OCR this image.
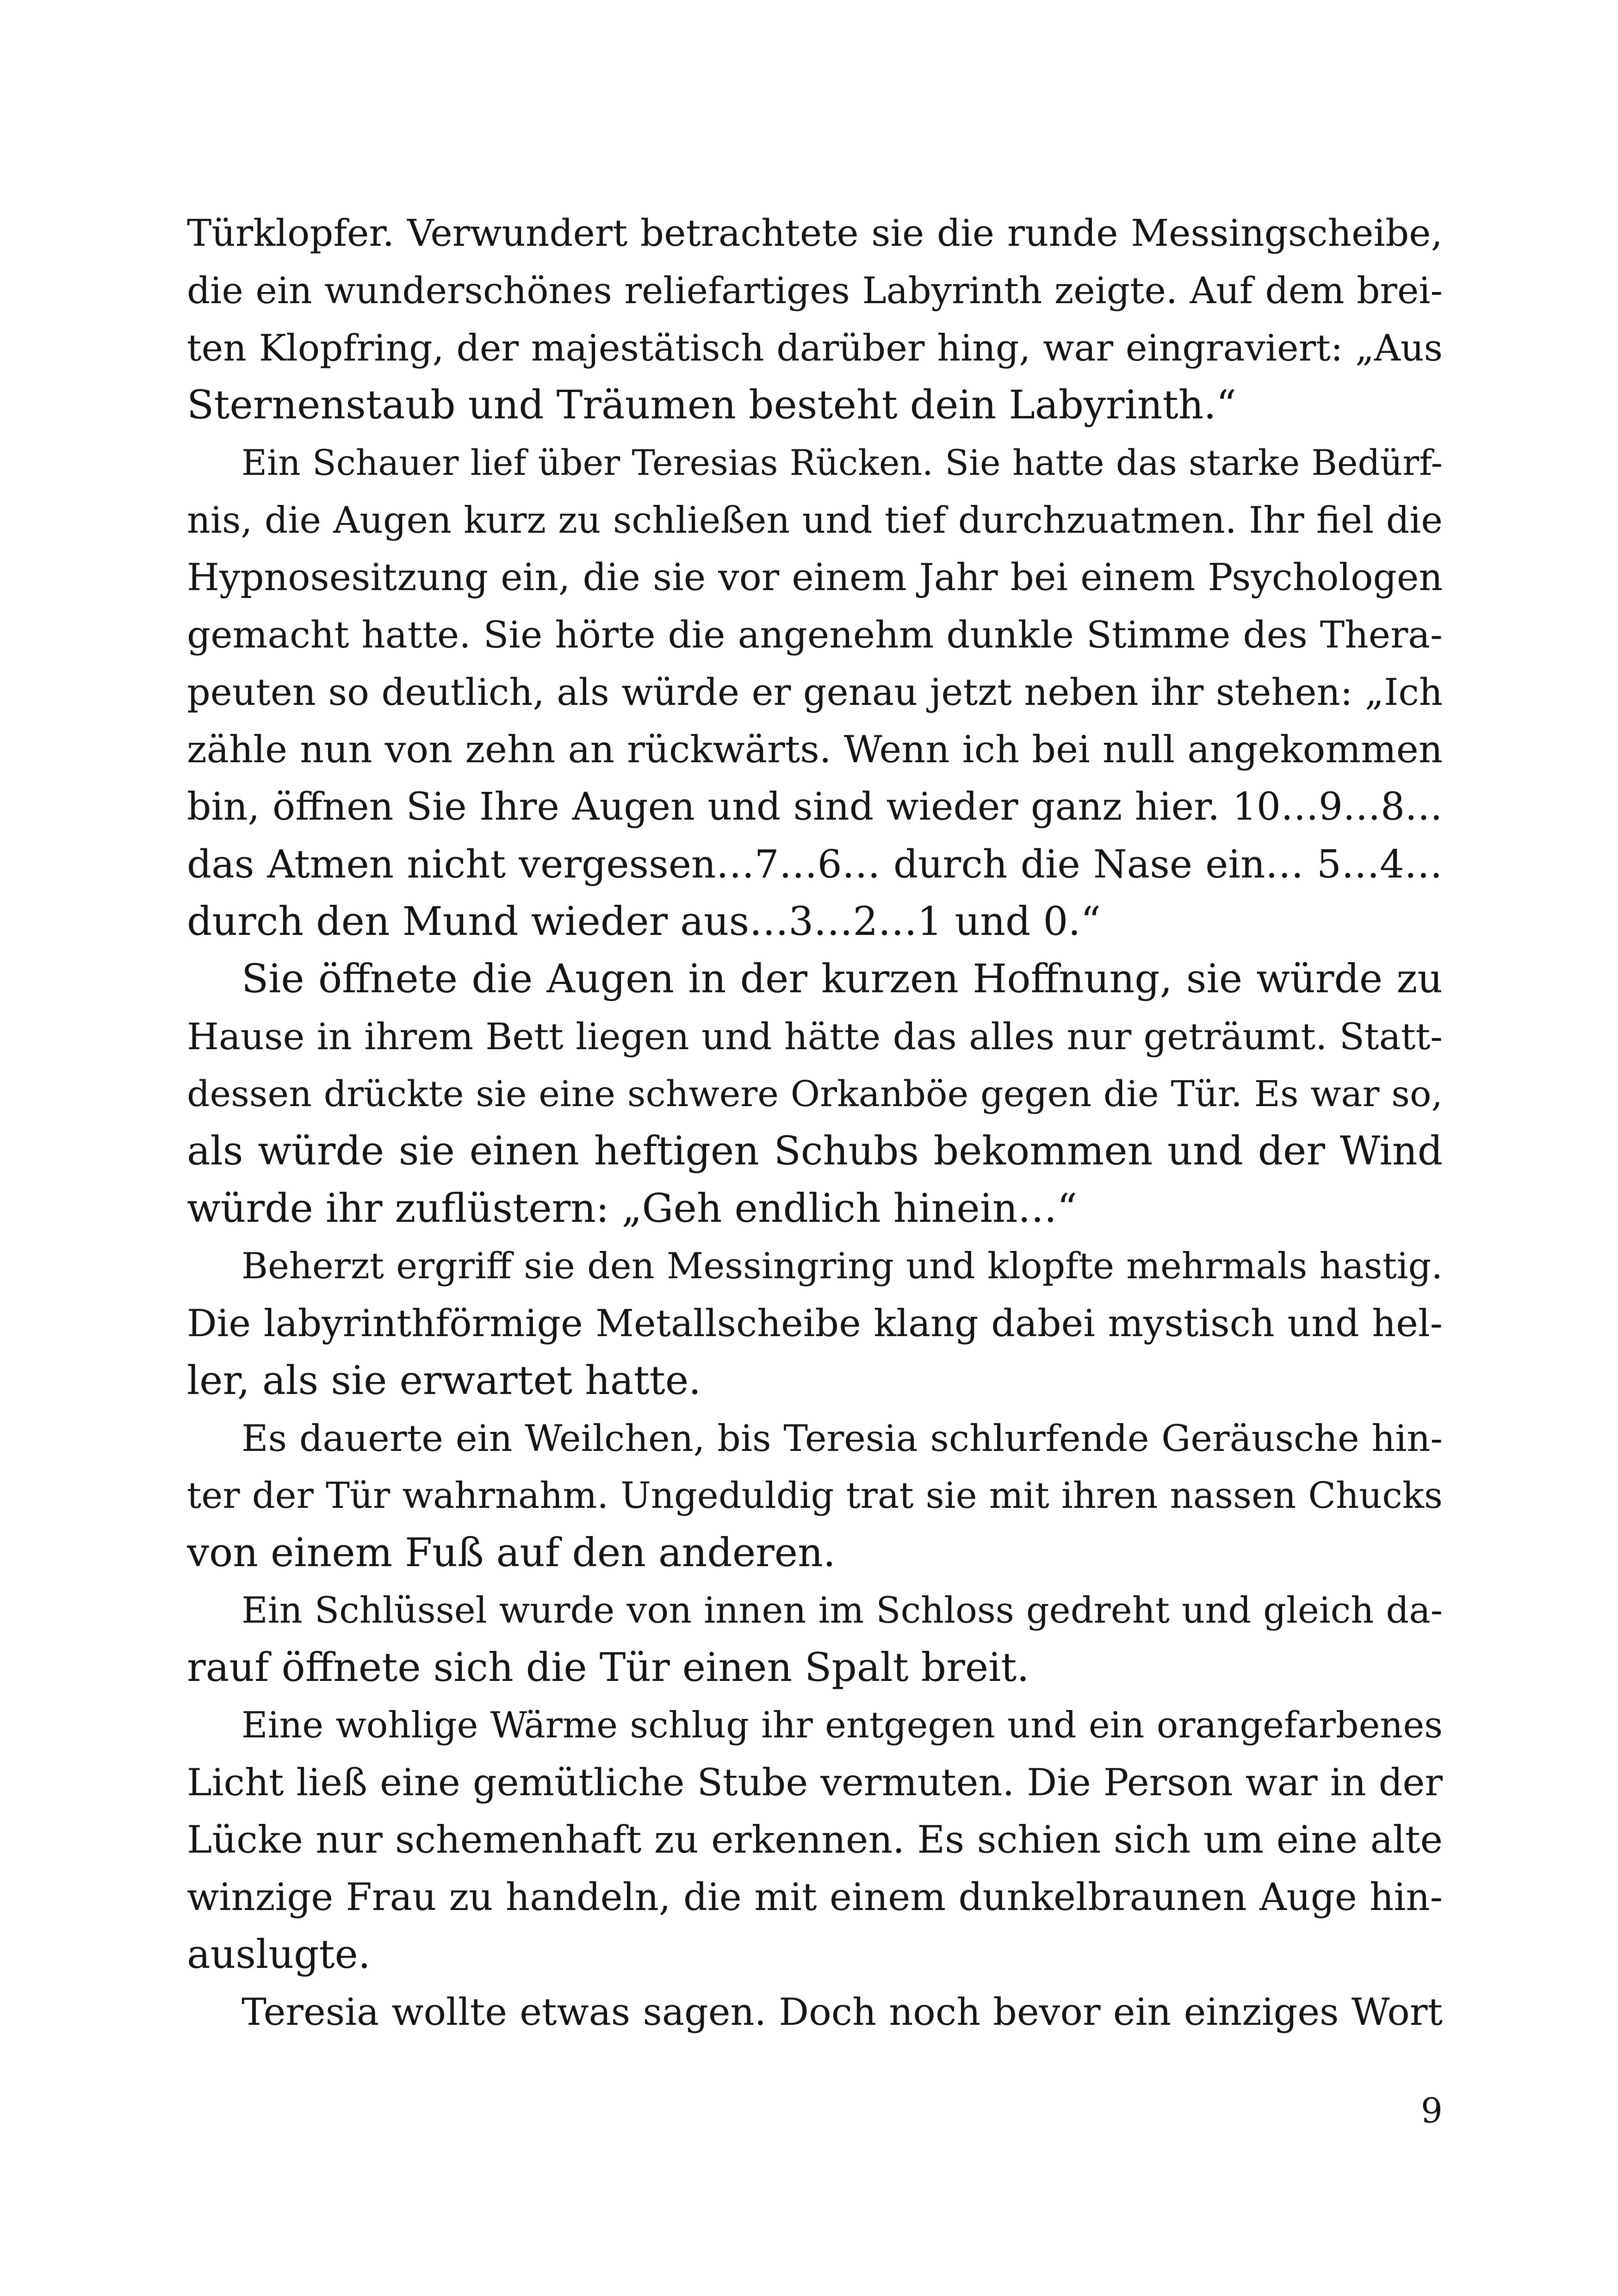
Türklopfer. Verwundert betrachtete sie die runde Messingscheibe,
die ein wunderschönes reliefartiges Labyrinth zeigte. Auf dem brei-
ten Klopfring, der majestätisch darüber hing, war eingraviert: „Aus
Sternenstaub und Träumen besteht dein Labyrinth.“
Ein Schauer lief über Teresias Rücken. Sie hatte das starke Bedürf-
nis, die Augen kurz zu schließen und tief durchzuatmen. Ihr fiel die
Hypnosesitzung ein, die sie vor einem Jahr bei einem Psychologen
gemacht hatte. Sie hörte die angenehm dunkle Stimme des Thera-
peuten so deutlich, als würde er genau jetzt neben ihr stehen: „Ich
zähle nun von zehn an rückwärts. Wenn ich bei null angekommen
bin, öffnen Sie Ihre Augen und sind wieder ganz hier. 10…9…8…
das Atmen nicht vergessen…7…6… durch die Nase ein… 5…4…
durch den Mund wieder aus…3…2…1 und 0.“
Sie öffnete die Augen in der kurzen Hoffnung, sie würde zu
Hause in ihrem Bett liegen und hätte das alles nur geträumt. Statt-
dessen drückte sie eine schwere Orkanböe gegen die Tür. Es war so,
als würde sie einen heftigen Schubs bekommen und der Wind
würde ihr zuflüstern: „Geh endlich hinein…“
Beherzt ergriff sie den Messingring und klopfte mehrmals hastig.
Die labyrinthförmige Metallscheibe klang dabei mystisch und hel-
ler, als sie erwartet hatte.
Es dauerte ein Weilchen, bis Teresia schlurfende Geräusche hin-
ter der Tür wahrnahm. Ungeduldig trat sie mit ihren nassen Chucks
von einem Fuß auf den anderen.
Ein Schlüssel wurde von innen im Schloss gedreht und gleich da-
rauf öffnete sich die Tür einen Spalt breit.
Eine wohlige Wärme schlug ihr entgegen und ein orangefarbenes
Licht ließ eine gemütliche Stube vermuten. Die Person war in der
Lücke nur schemenhaft zu erkennen. Es schien sich um eine alte
winzige Frau zu handeln, die mit einem dunkelbraunen Auge hin-
auslugte.
Teresia wollte etwas sagen. Doch noch bevor ein einziges Wort
9
